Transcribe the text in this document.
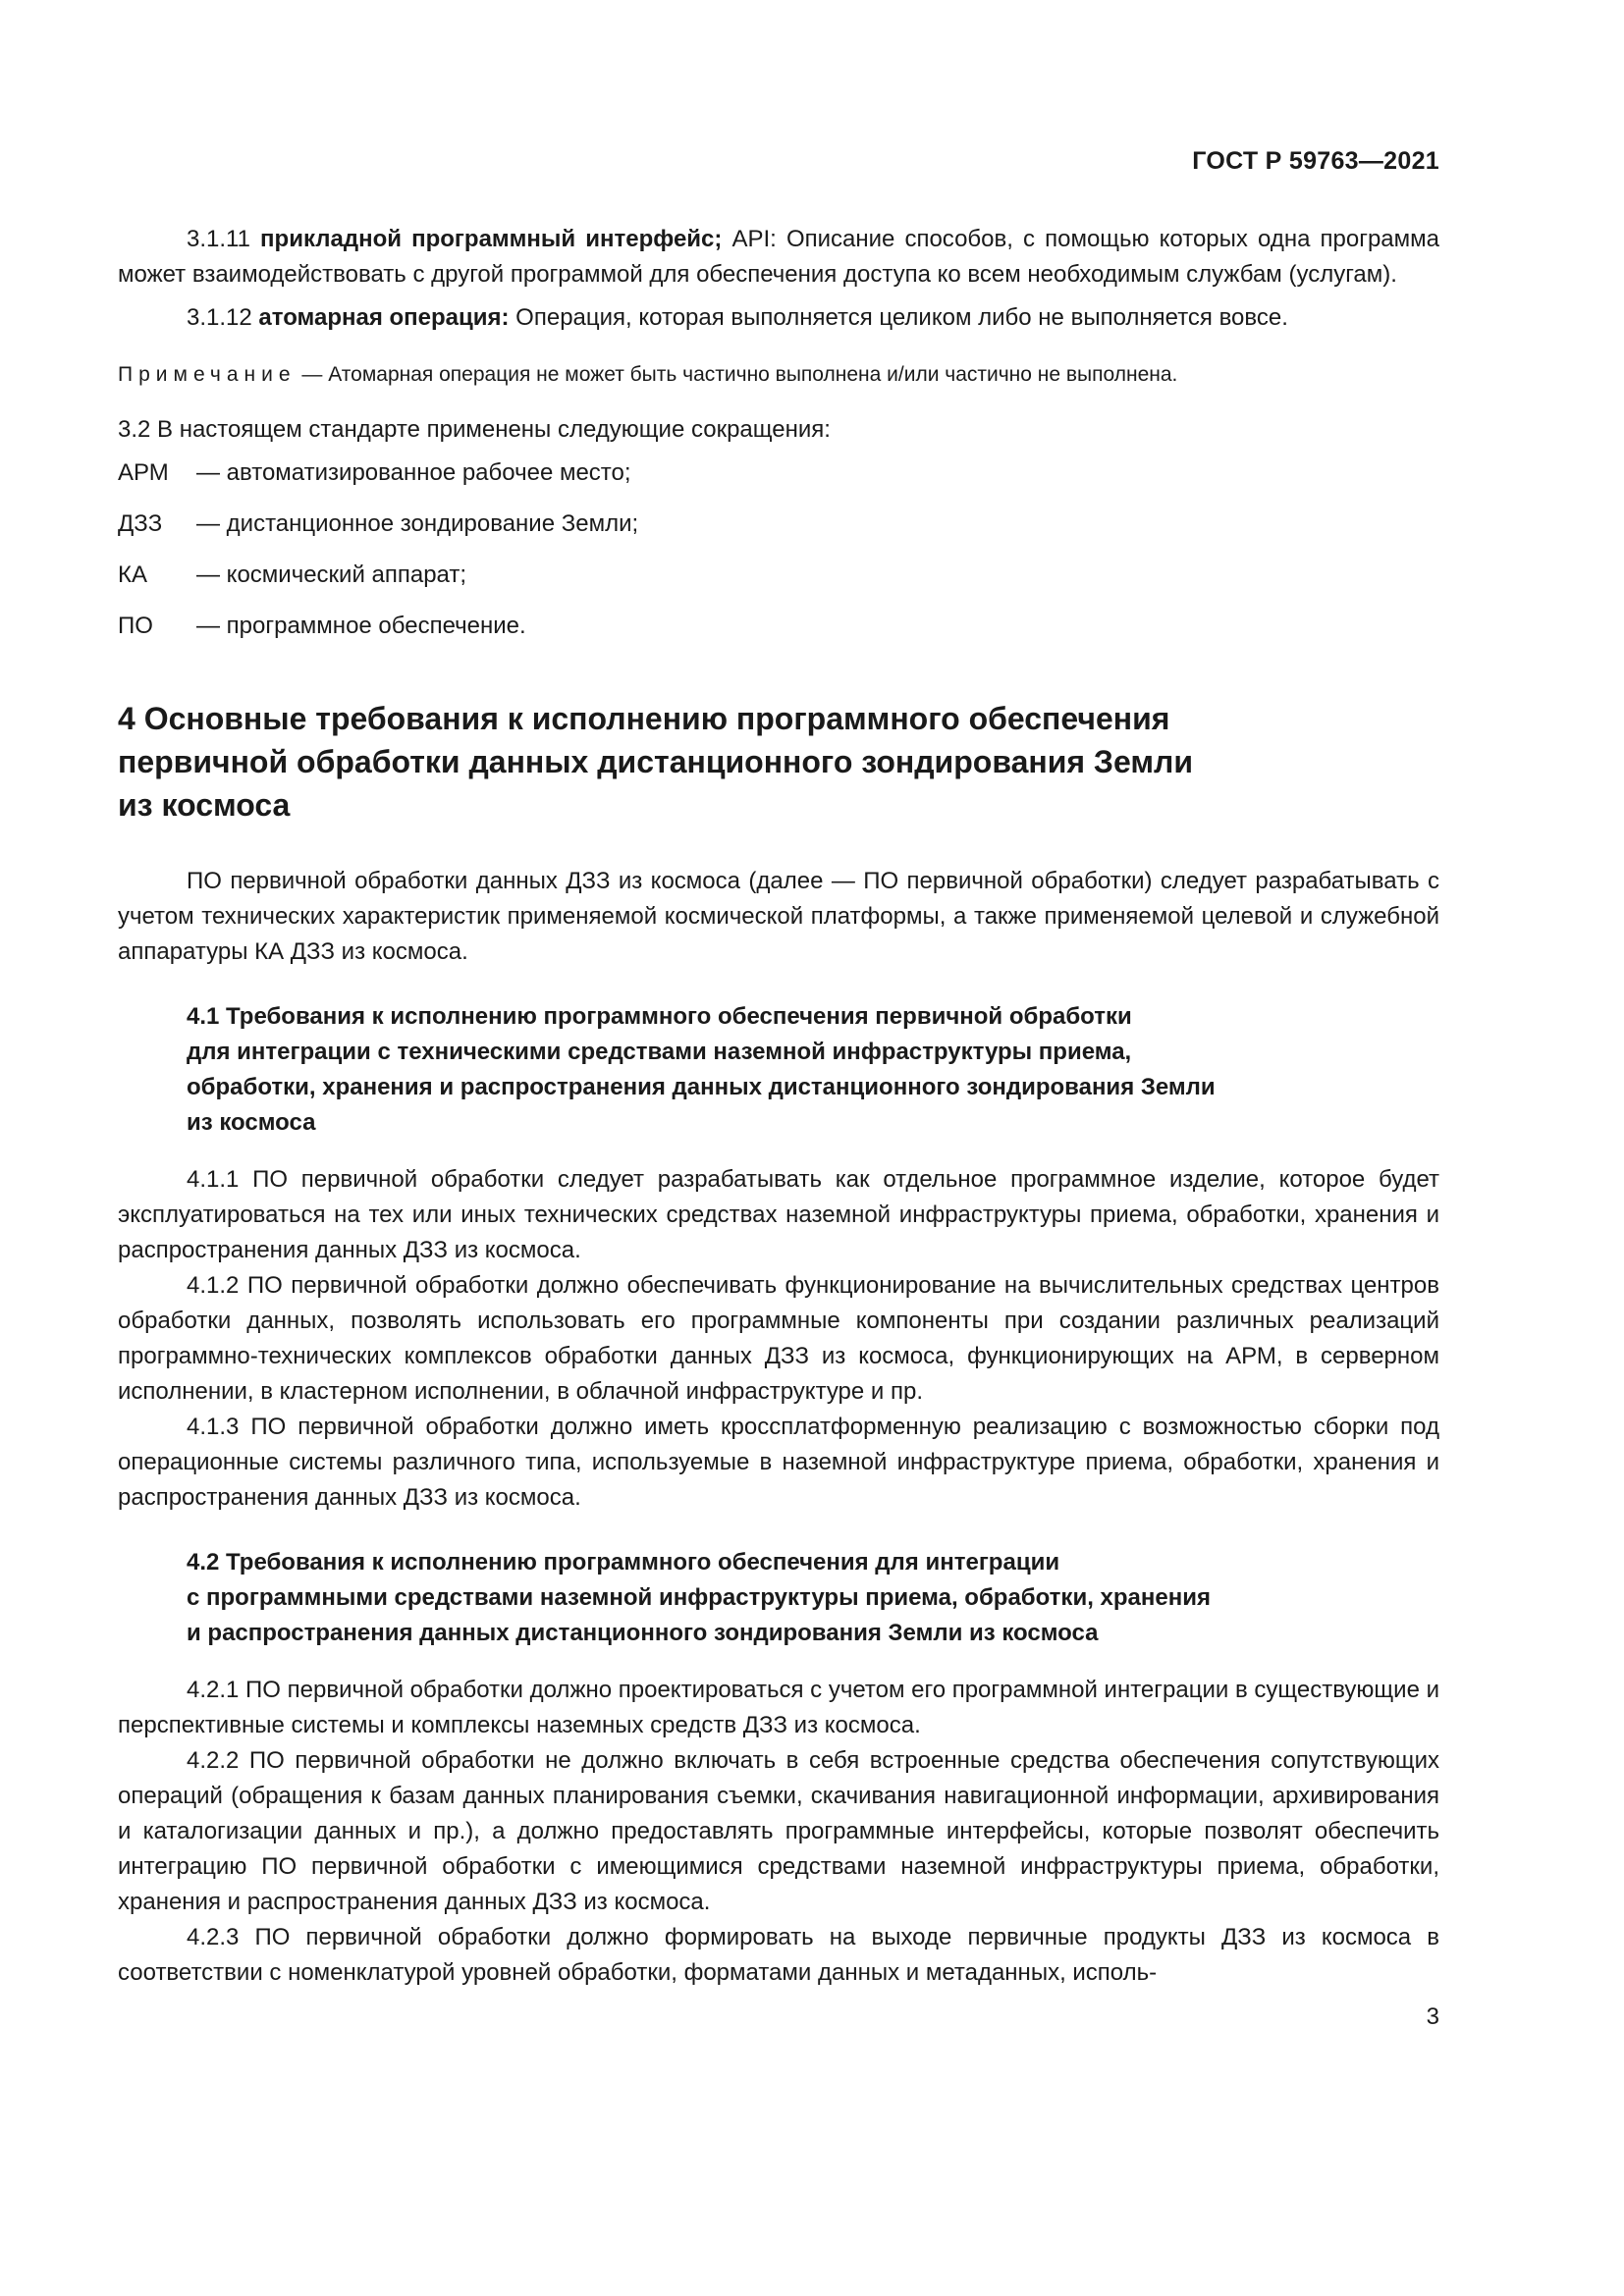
ГОСТ Р 59763—2021

3.1.11 прикладной программный интерфейс; API: Описание способов, с помощью которых одна программа может взаимодействовать с другой программой для обеспечения доступа ко всем необходимым службам (услугам).

3.1.12 атомарная операция: Операция, которая выполняется целиком либо не выполняется вовсе.

Примечание — Атомарная операция не может быть частично выполнена и/или частично не выполнена.

3.2 В настоящем стандарте применены следующие сокращения:

АРМ	— автоматизированное рабочее место;
ДЗЗ	— дистанционное зондирование Земли;
КА	— космический аппарат;
ПО	— программное обеспечение.
4 Основные требования к исполнению программного обеспечения
первичной обработки данных дистанционного зондирования Земли
из космоса

ПО первичной обработки данных ДЗЗ из космоса (далее — ПО первичной обработки) следует разрабатывать с учетом технических характеристик применяемой космической платформы, а также применяемой целевой и служебной аппаратуры КА ДЗЗ из космоса.

4.1 Требования к исполнению программного обеспечения первичной обработки
для интеграции с техническими средствами наземной инфраструктуры приема,
обработки, хранения и распространения данных дистанционного зондирования Земли
из космоса

4.1.1 ПО первичной обработки следует разрабатывать как отдельное программное изделие, которое будет эксплуатироваться на тех или иных технических средствах наземной инфраструктуры приема, обработки, хранения и распространения данных ДЗЗ из космоса.

4.1.2 ПО первичной обработки должно обеспечивать функционирование на вычислительных средствах центров обработки данных, позволять использовать его программные компоненты при создании различных реализаций программно-технических комплексов обработки данных ДЗЗ из космоса, функционирующих на АРМ, в серверном исполнении, в кластерном исполнении, в облачной инфраструктуре и пр.

4.1.3 ПО первичной обработки должно иметь кроссплатформенную реализацию с возможностью сборки под операционные системы различного типа, используемые в наземной инфраструктуре приема, обработки, хранения и распространения данных ДЗЗ из космоса.

4.2 Требования к исполнению программного обеспечения для интеграции
с программными средствами наземной инфраструктуры приема, обработки, хранения
и распространения данных дистанционного зондирования Земли из космоса

4.2.1 ПО первичной обработки должно проектироваться с учетом его программной интеграции в существующие и перспективные системы и комплексы наземных средств ДЗЗ из космоса.

4.2.2 ПО первичной обработки не должно включать в себя встроенные средства обеспечения сопутствующих операций (обращения к базам данных планирования съемки, скачивания навигационной информации, архивирования и каталогизации данных и пр.), а должно предоставлять программные интерфейсы, которые позволят обеспечить интеграцию ПО первичной обработки с имеющимися средствами наземной инфраструктуры приема, обработки, хранения и распространения данных ДЗЗ из космоса.

4.2.3 ПО первичной обработки должно формировать на выходе первичные продукты ДЗЗ из космоса в соответствии с номенклатурой уровней обработки, форматами данных и метаданных, исполь-

3
